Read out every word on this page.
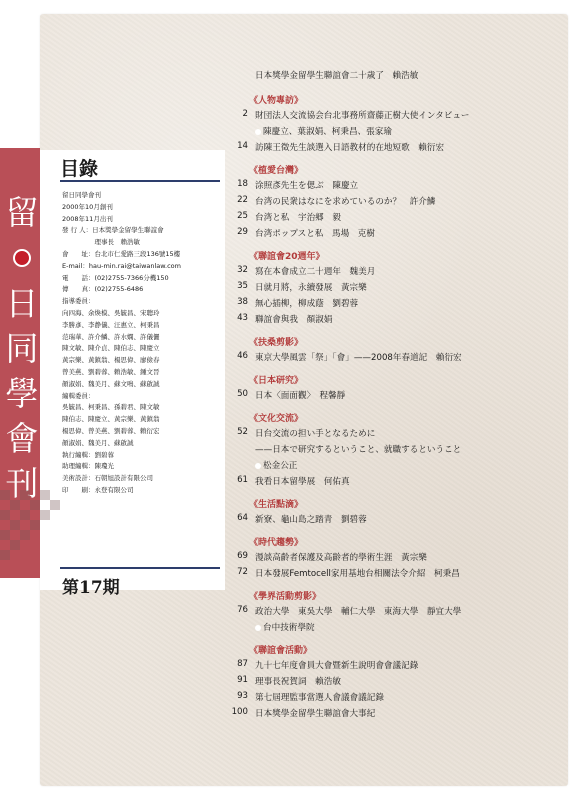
留
日
同
學
會
刊
目錄
留日同學會刊
2000年10月創刊
2008年11月出刊
發 行 人：日本獎學金留學生聯誼會
　　　　　理事長　賴浩敏
會　　址：台北市仁愛路三段136號15樓
E-mail：hau-min.rai@taiwanlaw.com
電　　話：(02)2755-7366分機150
傳　　真：(02)2755-6486
指導委員：
向四海、余煥模、吳毓昌、宋聰玲
李勝彥、李静儀、汪惠立、柯秉昌
范瑞華、許介鱗、許水嫻、許儀儷
陳文敏、陳介貞、陳伯志、陳慶立
黃宗樂、黃鎮翁、楊思偉、廖儉春
曾美燕、劉碧蓉、賴浩敏、鍾文晉
顏淑娟、魏美月、蘇文鳴、蘇啟誠
編輯委員：
吳毓昌、柯秉昌、孫碧君、陳文敏
陳伯志、陳慶立、黃宗樂、黃鎮翁
楊思偉、曾美燕、劉碧蓉、賴衍宏
顏淑娟、魏美月、蘇啟誠
執行編輯：劉碧蓉
助理編輯：陳瓊光
美術設計：石朝旭設計有限公司
印　　刷：永登有限公司
第17期
日本獎學金留學生聯誼會二十歳了　賴浩敏
《人物專訪》
2 財団法人交流協会台北事務所齋藤正樹大使インタビュー
陳慶立、葉淑娟、柯秉昌、張家瑜
14 訪陳王徵先生談選入日語教材的在地短歌　賴衍宏
《植愛台灣》
18 涂照彥先生を偲ぶ　陳慶立
22 台湾の民衆はなにを求めているのか？　許介鱗
25 台湾と私　宇治郷　毅
29 台湾ポップスと私　馬場　克樹
《聯誼會20週年》
32 寫在本會成立二十週年　魏美月
35 日就月將，永續發展　黃宗樂
38 無心插柳，柳成蔭　劉碧蓉
43 聯誼會與我　顏淑娟
《扶桑剪影》
46 東京大學風雲「祭」「會」——2008年春道記　賴衍宏
《日本研究》
50 日本〈面面觀〉　程馨靜
《文化交流》
52 日台交流の担い手となるために
——日本で研究するということ、就職するということ
松金公正
61 我看日本留學展　何佑真
《生活點滴》
64 新寮、龜山島之踏青　劉碧蓉
《時代趨勢》
69 漫談高齡者保護及高齡者的學術生涯　黃宗樂
72 日本發展Femtocell家用基地台相關法令介紹　柯秉昌
《學界活動剪影》
76 政治大學　東吳大學　輔仁大學　東海大學　靜宜大學
台中技術學院
《聯誼會活動》
87 九十七年度會員大會暨新生說明會會議記錄
91 理事長祝賀詞　賴浩敏
93 第七屆理監事當選人會議會議記錄
100 日本獎學金留學生聯誼會大事紀
